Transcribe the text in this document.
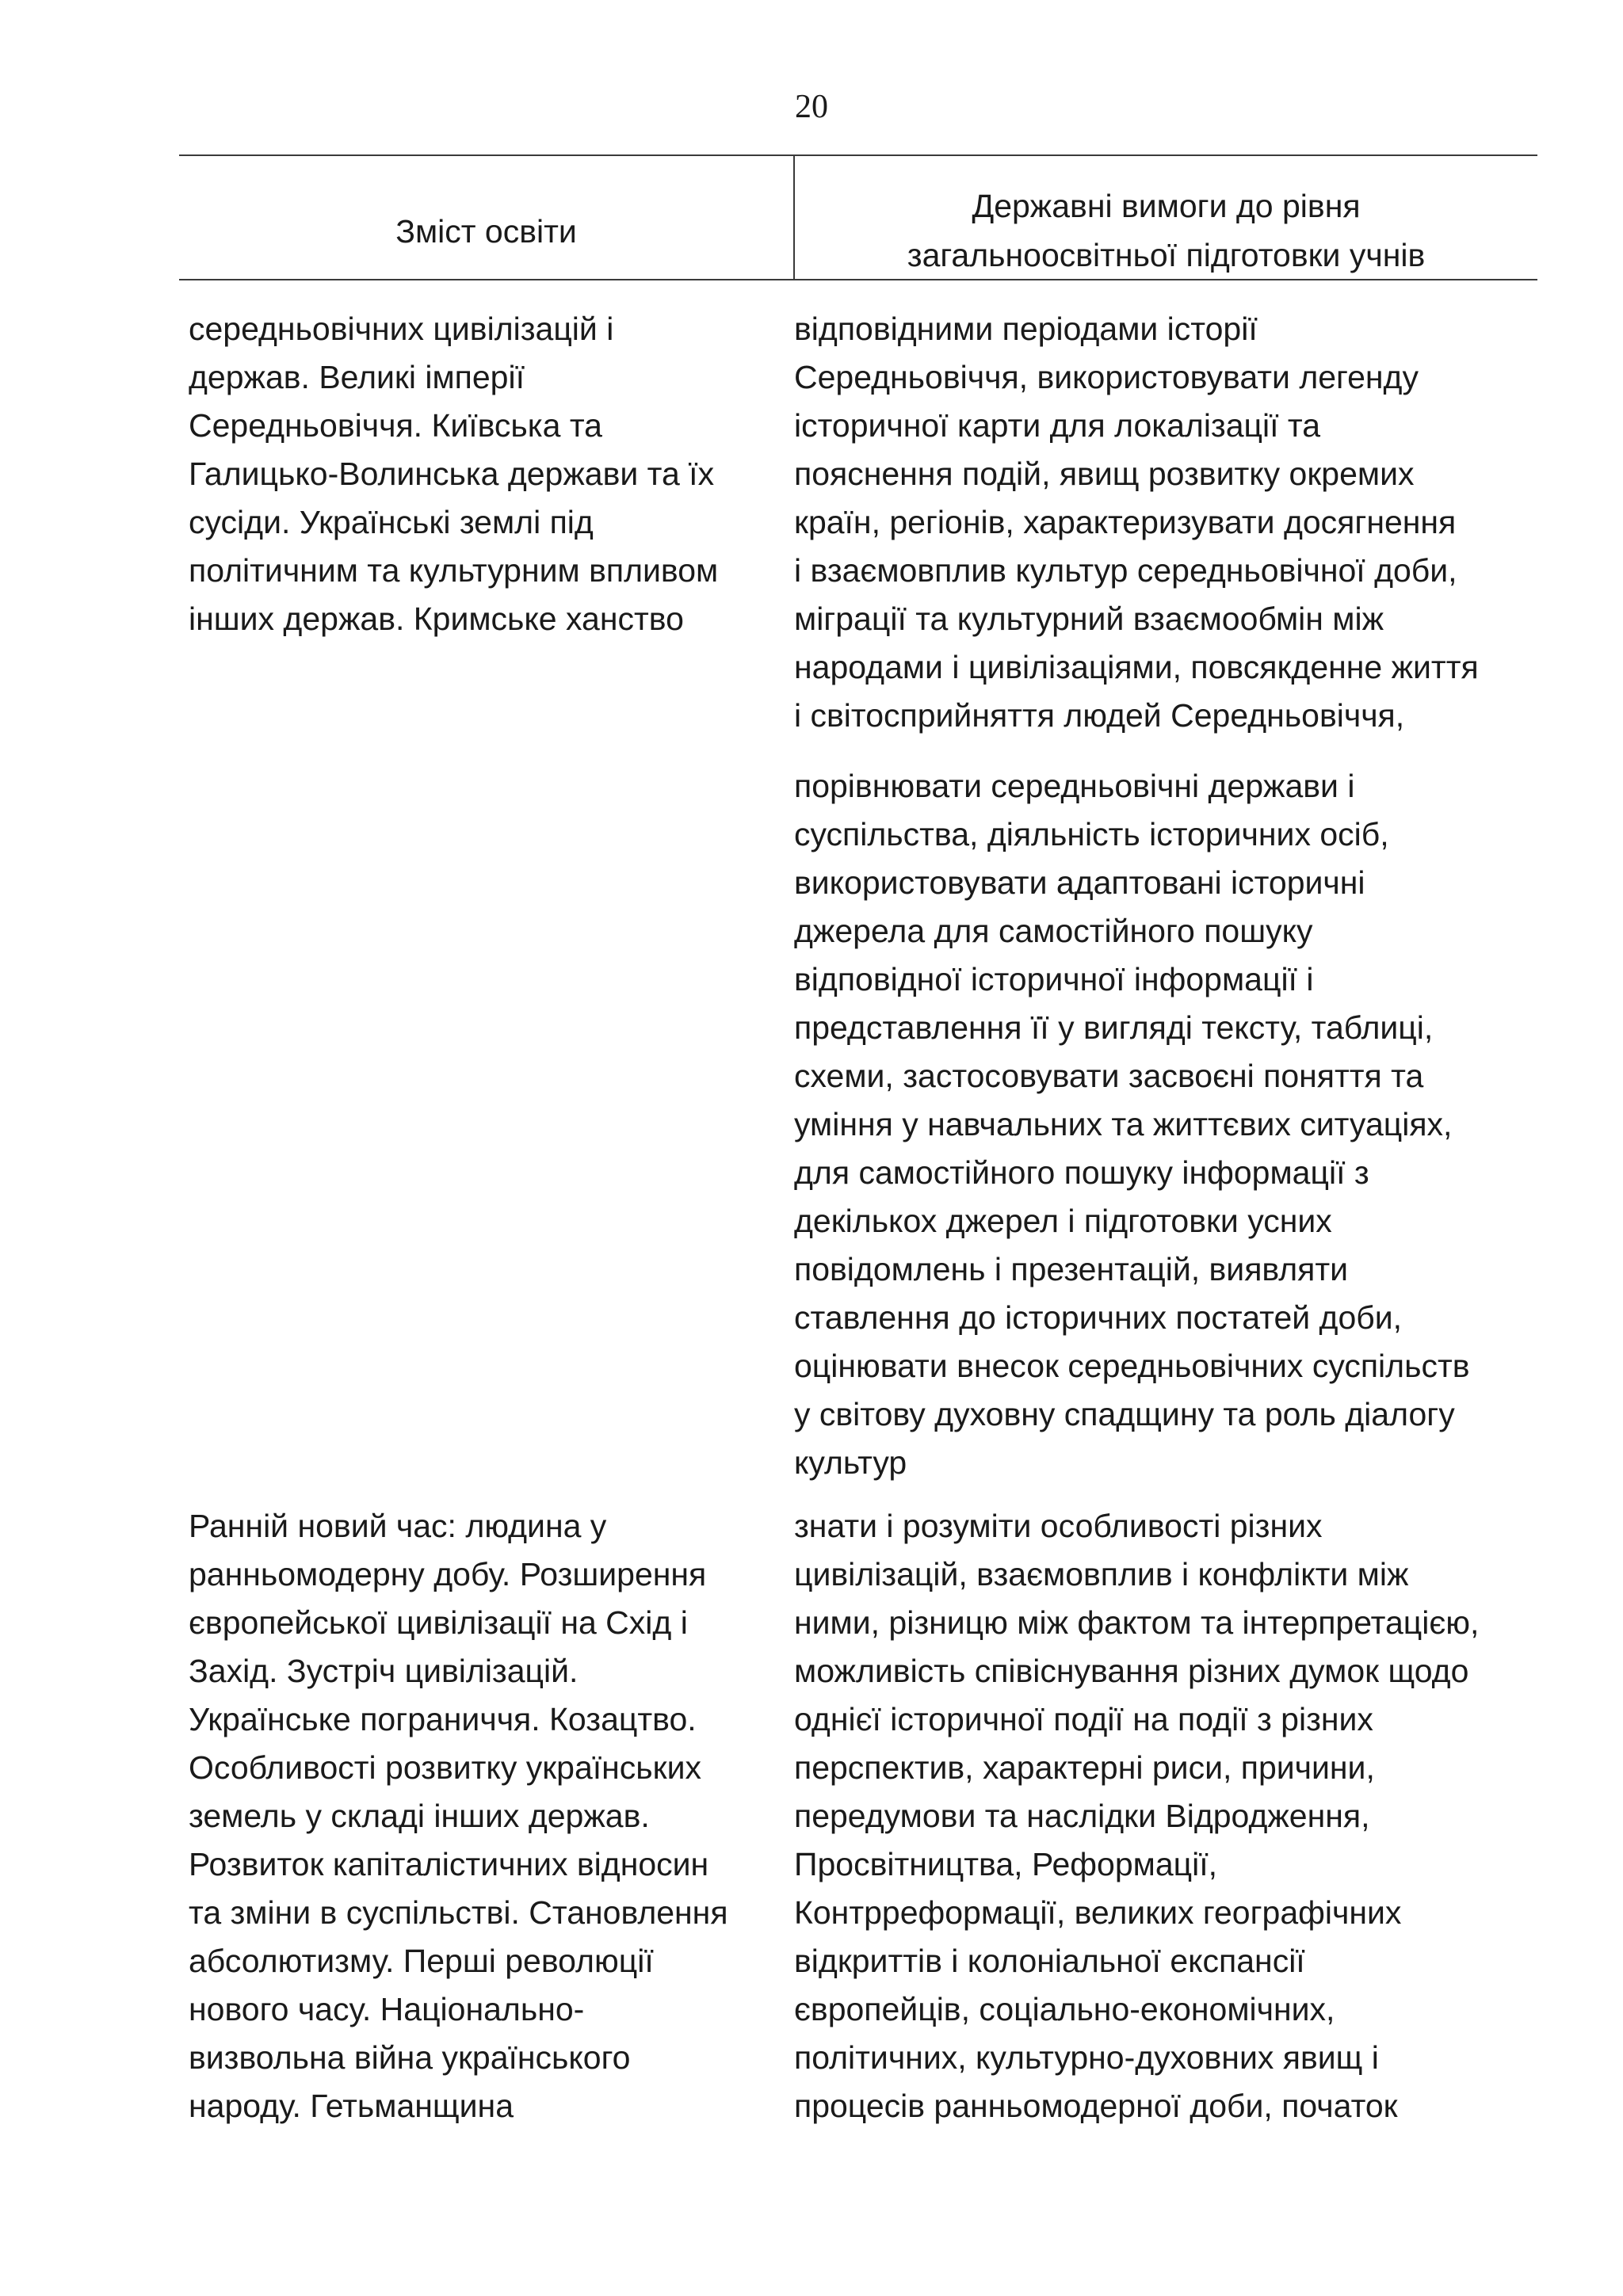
20
Зміст освіти
Державні вимоги до рівня
загальноосвітньої підготовки учнів
середньовічних цивілізацій і
держав. Великі імперії
Середньовіччя. Київська та
Галицько-Волинська держави та їх
сусіди. Українські землі під
політичним та культурним впливом
інших держав. Кримське ханство
відповідними періодами історії
Середньовіччя, використовувати легенду
історичної карти для локалізації та
пояснення подій, явищ розвитку окремих
країн, регіонів, характеризувати досягнення
і взаємовплив культур середньовічної доби,
міграції та культурний взаємообмін між
народами і цивілізаціями, повсякденне життя
і світосприйняття людей Середньовіччя,
порівнювати середньовічні держави і
суспільства, діяльність історичних осіб,
використовувати адаптовані історичні
джерела для самостійного пошуку
відповідної історичної інформації і
представлення її у вигляді тексту, таблиці,
схеми, застосовувати засвоєні поняття та
уміння у навчальних та життєвих ситуаціях,
для самостійного пошуку інформації з
декількох джерел і підготовки усних
повідомлень і презентацій, виявляти
ставлення до історичних постатей доби,
оцінювати внесок середньовічних суспільств
у світову духовну спадщину та роль діалогу
культур
Ранній новий час: людина у
ранньомодерну добу. Розширення
європейської цивілізації на Схід і
Захід. Зустріч цивілізацій.
Українське пограниччя. Козацтво.
Особливості розвитку українських
земель у складі інших держав.
Розвиток капіталістичних відносин
та зміни в суспільстві. Становлення
абсолютизму. Перші революції
нового часу. Національно-
визвольна війна українського
народу. Гетьманщина
знати і розуміти особливості різних
цивілізацій, взаємовплив і конфлікти між
ними, різницю між фактом та інтерпретацією,
можливість співіснування різних думок щодо
однієї історичної події на події з різних
перспектив, характерні риси, причини,
передумови та наслідки Відродження,
Просвітництва, Реформації,
Контрреформації, великих географічних
відкриттів і колоніальної експансії
європейців, соціально-економічних,
політичних, культурно-духовних явищ і
процесів ранньомодерної доби, початок
